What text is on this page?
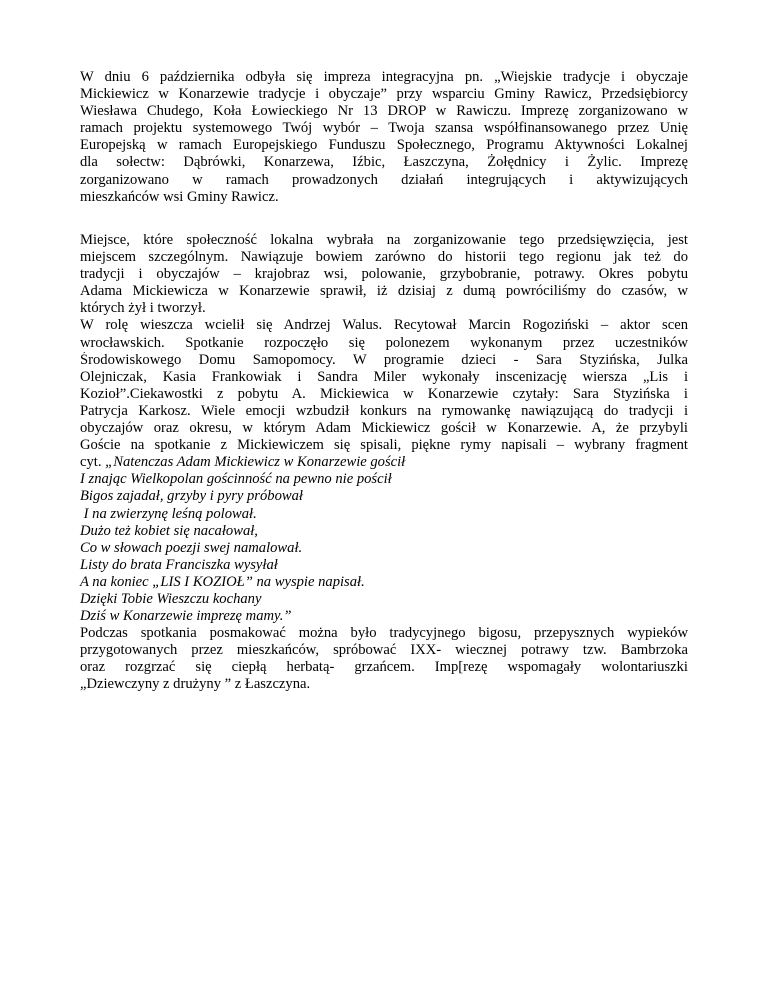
W dniu 6 października odbyła się impreza integracyjna pn. „Wiejskie tradycje i obyczaje
Mickiewicz w Konarzewie tradycje i obyczaje” przy wsparciu Gminy Rawicz, Przedsiębiorcy
Wiesława Chudego, Koła Łowieckiego Nr 13 DROP w Rawiczu. Imprezę zorganizowano w
ramach projektu systemowego Twój wybór – Twoja szansa współfinansowanego przez Unię
Europejską w ramach Europejskiego Funduszu Społecznego, Programu Aktywności Lokalnej
dla sołectw: Dąbrówki, Konarzewa, Iźbic, Łaszczyna, Żołędnicy i Żylic. Imprezę
zorganizowano w ramach prowadzonych działań integrujących i aktywizujących
mieszkańców wsi Gminy Rawicz.
Miejsce, które społeczność lokalna wybrała na zorganizowanie tego przedsięwzięcia, jest
miejscem szczególnym. Nawiązuje bowiem zarówno do historii tego regionu jak też do
tradycji i obyczajów – krajobraz wsi, polowanie, grzybobranie, potrawy. Okres pobytu
Adama Mickiewicza w Konarzewie sprawił, iż dzisiaj z dumą powróciliśmy do czasów, w
których żył i tworzył.
W rolę wieszcza wcielił się Andrzej Walus. Recytował Marcin Rogoziński – aktor scen
wrocławskich. Spotkanie rozpoczęło się polonezem wykonanym przez uczestników
Środowiskowego Domu Samopomocy. W programie dzieci - Sara Styzińska, Julka
Olejniczak, Kasia Frankowiak i Sandra Miler wykonały inscenizację wiersza „Lis i
Kozioł”.Ciekawostki z pobytu A. Mickiewica w Konarzewie czytały: Sara Styzińska i
Patrycja Karkosz. Wiele emocji wzbudził konkurs na rymowankę nawiązującą do tradycji i
obyczajów oraz okresu, w którym Adam Mickiewicz gościł w Konarzewie. A, że przybyli
Goście na spotkanie z Mickiewiczem się spisali, piękne rymy napisali – wybrany fragment
cyt. „Natenczas Adam Mickiewicz w Konarzewie gościł
I znając Wielkopolan gościnność na pewno nie pościł
Bigos zajadał, grzyby i pyry próbował
I na zwierzynę leśną polował.
Dużo też kobiet się nacałował,
Co w słowach poezji swej namalował.
Listy do brata Franciszka wysyłał
A na koniec „LIS I KOZIOŁ” na wyspie napisał.
Dzięki Tobie Wieszczu kochany
Dziś w Konarzewie imprezę mamy.”
Podczas spotkania posmakować można było tradycyjnego bigosu, przepysznych wypieków
przygotowanych przez mieszkańców, spróbować IXX- wiecznej potrawy tzw. Bambrzoka
oraz rozgrzać się ciepłą herbatą- grzańcem. Imp[rezę wspomagały wolontariuszki
„Dziewczyny z drużyny ” z Łaszczyna.
